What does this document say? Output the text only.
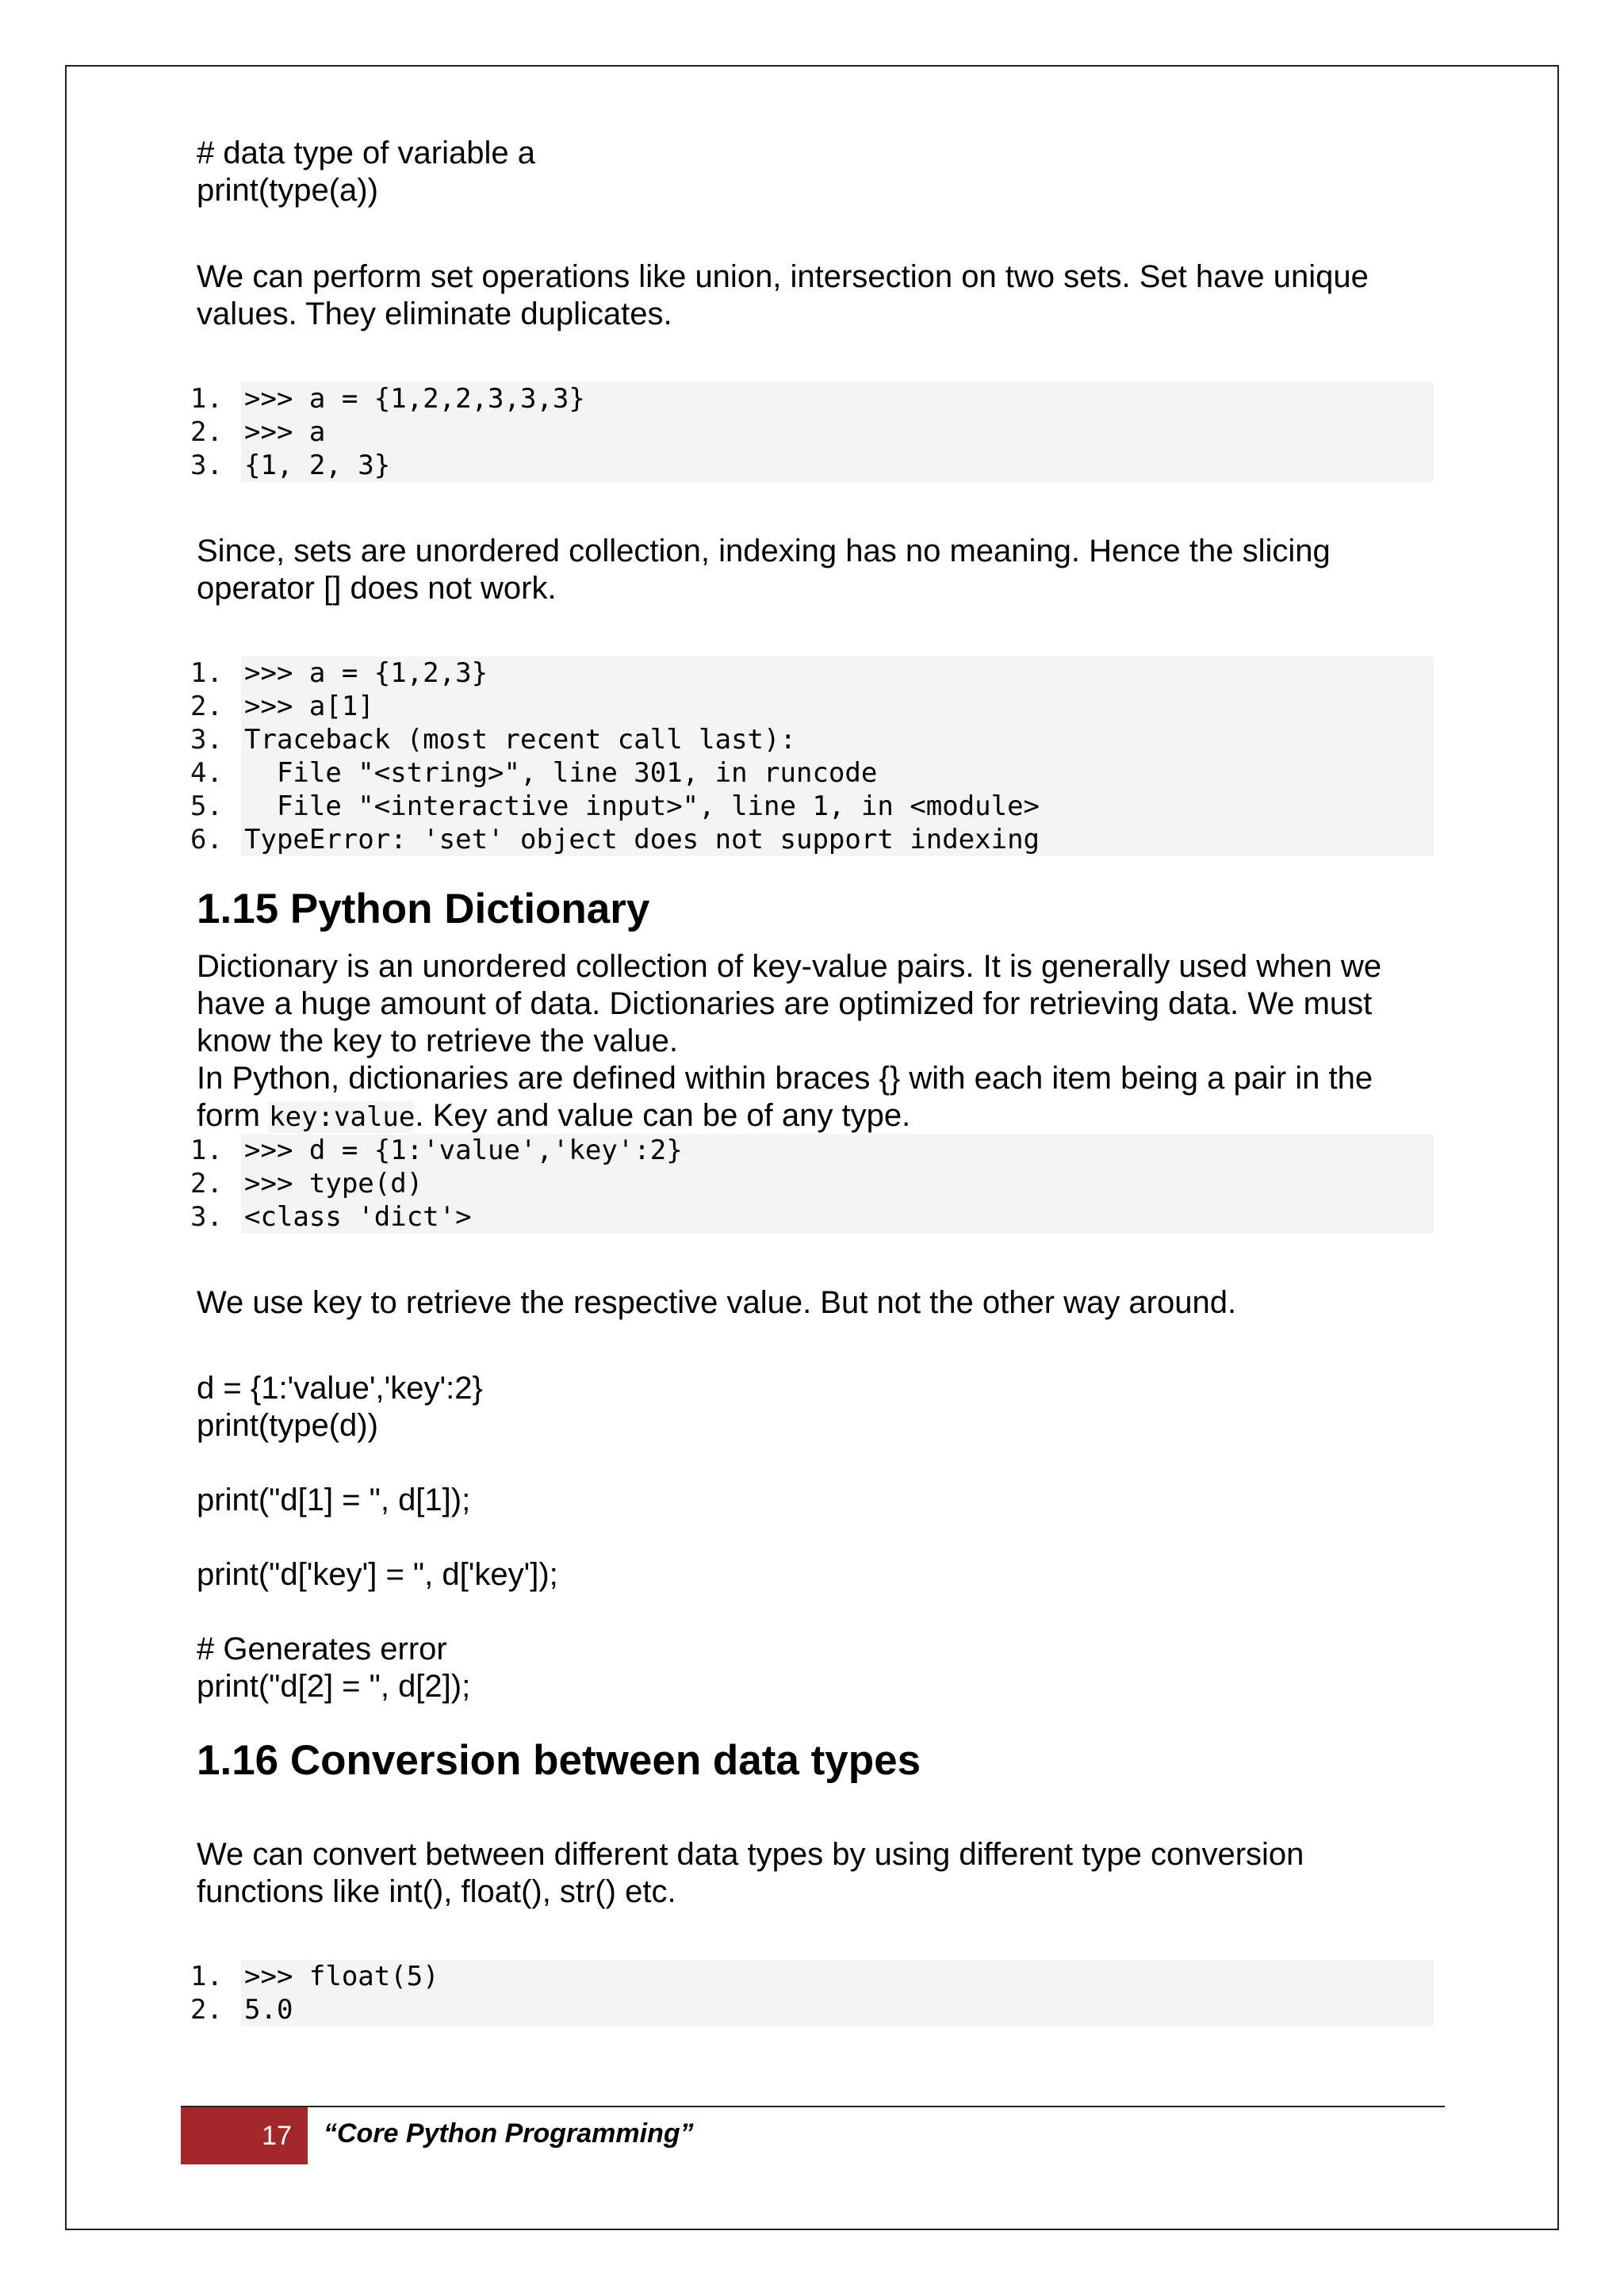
# data type of variable a

print(type(a))

We can perform set operations like union, intersection on two sets. Set have unique

values. They eliminate duplicates.

1. >>> a = {1,2,2,3,3,3}
2. >>> a
3. {1, 2, 3}

Since, sets are unordered collection, indexing has no meaning. Hence the slicing

operator [] does not work.

1. >>> a = {1,2,3}
2. >>> a[1]
3. Traceback (most recent call last):
4. File "<string>", line 301, in runcode
5. File "<interactive input>", line 1, in <module>
6. TypeError: 'set' object does not support indexing

1.15 Python Dictionary

Dictionary is an unordered collection of key-value pairs. It is generally used when we

have a huge amount of data. Dictionaries are optimized for retrieving data. We must

know the key to retrieve the value.

In Python, dictionaries are defined within braces {} with each item being a pair in the

form key:value. Key and value can be of any type.

1. >>> d = {1:'value','key':2}
2. >>> type(d)
3. <class 'dict'>

We use key to retrieve the respective value. But not the other way around.

d = {1:'value','key':2}

print(type(d))

print("d[1] = ", d[1]);

print("d['key'] = ", d['key']);

# Generates error

print("d[2] = ", d[2]);

1.16 Conversion between data types

We can convert between different data types by using different type conversion

functions like int(), float(), str() etc.

1. >>> float(5)
2. 5.0
17	“Core Python Programming”
